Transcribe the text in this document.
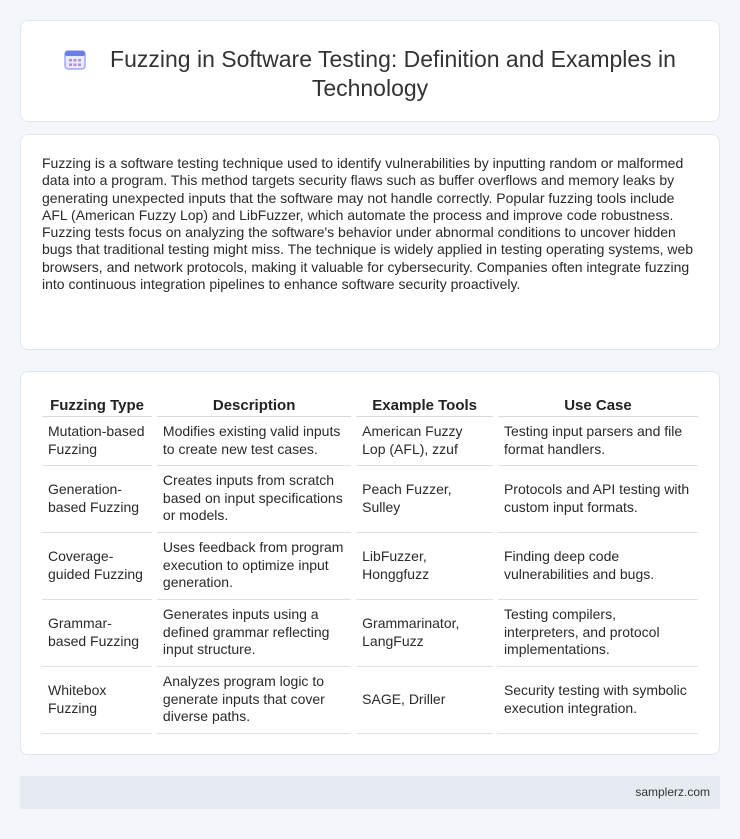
Fuzzing in Software Testing: Definition and Examples in Technology

Fuzzing is a software testing technique used to identify vulnerabilities by inputting random or malformed data into a program. This method targets security flaws such as buffer overflows and memory leaks by generating unexpected inputs that the software may not handle correctly. Popular fuzzing tools include AFL (American Fuzzy Lop) and LibFuzzer, which automate the process and improve code robustness. Fuzzing tests focus on analyzing the software's behavior under abnormal conditions to uncover hidden bugs that traditional testing might miss. The technique is widely applied in testing operating systems, web browsers, and network protocols, making it valuable for cybersecurity. Companies often integrate fuzzing into continuous integration pipelines to enhance software security proactively.

Fuzzing Type		Description		Example Tools		Use Case
Mutation-based Fuzzing		Modifies existing valid inputs to create new test cases.		American Fuzzy Lop (AFL), zzuf		Testing input parsers and file format handlers.
Generation-based Fuzzing		Creates inputs from scratch based on input specifications or models.		Peach Fuzzer, Sulley		Protocols and API testing with custom input formats.
Coverage-guided Fuzzing		Uses feedback from program execution to optimize input generation.		LibFuzzer, Honggfuzz		Finding deep code vulnerabilities and bugs.
Grammar-based Fuzzing		Generates inputs using a defined grammar reflecting input structure.		Grammarinator, LangFuzz		Testing compilers, interpreters, and protocol implementations.
Whitebox Fuzzing		Analyzes program logic to generate inputs that cover diverse paths.		SAGE, Driller		Security testing with symbolic execution integration.
samplerz.com
